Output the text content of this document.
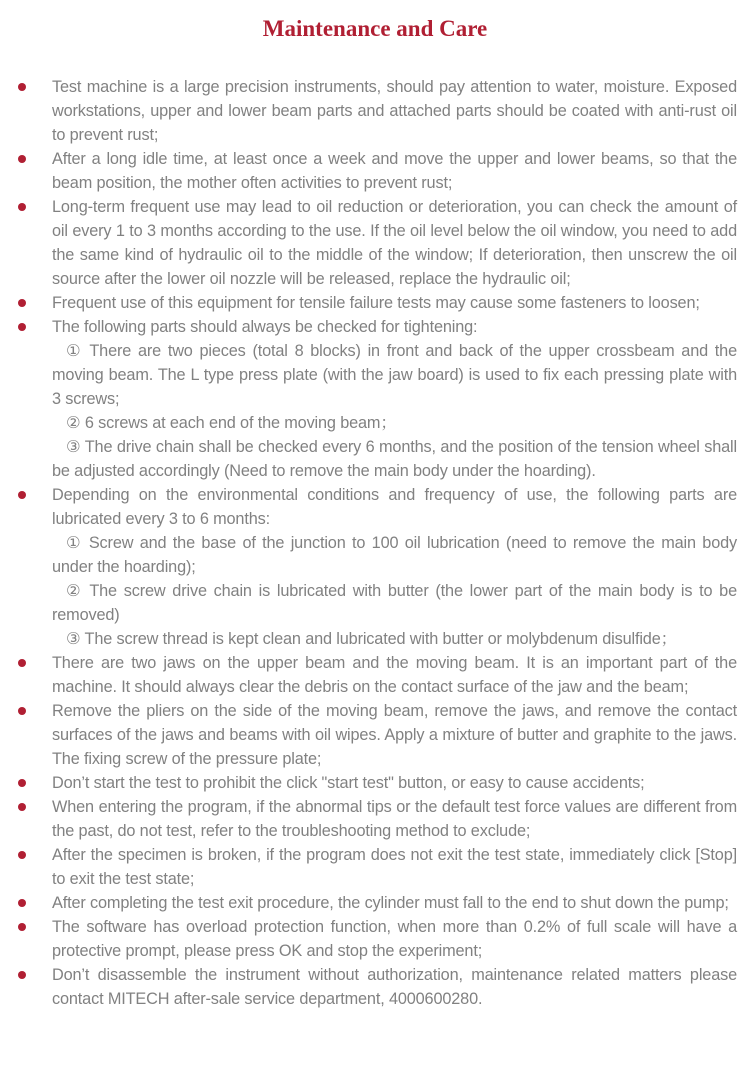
Maintenance and Care

Test machine is a large precision instruments, should pay attention to water, moisture. Exposed workstations, upper and lower beam parts and attached parts should be coated with anti-rust oil to prevent rust;

After a long idle time, at least once a week and move the upper and lower beams, so that the beam position, the mother often activities to prevent rust;

Long-term frequent use may lead to oil reduction or deterioration, you can check the amount of oil every 1 to 3 months according to the use. If the oil level below the oil window, you need to add the same kind of hydraulic oil to the middle of the window; If deterioration, then unscrew the oil source after the lower oil nozzle will be released, replace the hydraulic oil;

Frequent use of this equipment for tensile failure tests may cause some fasteners to loosen;

The following parts should always be checked for tightening:

① There are two pieces (total 8 blocks) in front and back of the upper crossbeam and the moving beam. The L type press plate (with the jaw board) is used to fix each pressing plate with 3 screws;

② 6 screws at each end of the moving beam；

③ The drive chain shall be checked every 6 months, and the position of the tension wheel shall be adjusted accordingly (Need to remove the main body under the hoarding).

Depending on the environmental conditions and frequency of use, the following parts are lubricated every 3 to 6 months:

① Screw and the base of the junction to 100 oil lubrication (need to remove the main body under the hoarding);

② The screw drive chain is lubricated with butter (the lower part of the main body is to be removed)

③ The screw thread is kept clean and lubricated with butter or molybdenum disulfide；

There are two jaws on the upper beam and the moving beam. It is an important part of the machine. It should always clear the debris on the contact surface of the jaw and the beam;

Remove the pliers on the side of the moving beam, remove the jaws, and remove the contact surfaces of the jaws and beams with oil wipes. Apply a mixture of butter and graphite to the jaws. The fixing screw of the pressure plate;

Don’t start the test to prohibit the click "start test" button, or easy to cause accidents;

When entering the program, if the abnormal tips or the default test force values are different from the past, do not test, refer to the troubleshooting method to exclude;

After the specimen is broken, if the program does not exit the test state, immediately click [Stop] to exit the test state;

After completing the test exit procedure, the cylinder must fall to the end to shut down the pump;

The software has overload protection function, when more than 0.2% of full scale will have a protective prompt, please press OK and stop the experiment;

Don’t disassemble the instrument without authorization, maintenance related matters please contact MITECH after-sale service department, 4000600280.
